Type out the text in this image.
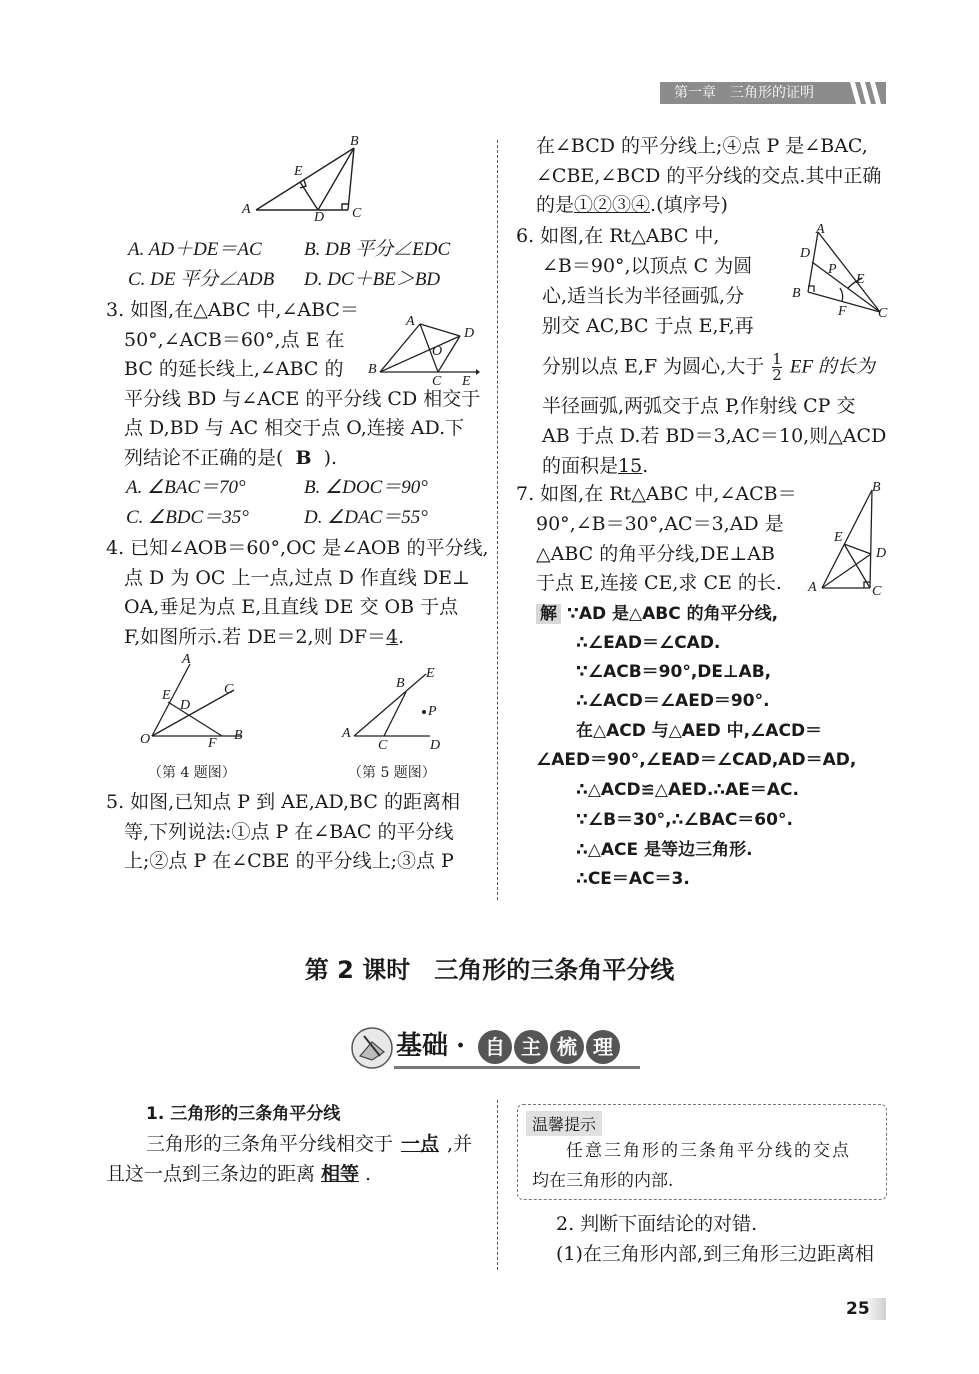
第一章　三角形的证明
A
B
C
D
E
A. AD＋DE＝AC B. DB 平分∠EDC
C. DE 平分∠ADB D. DC＋BE＞BD
3. 如图,在△ABC 中,∠ABC＝
50°,∠ACB＝60°,点 E 在
BC 的延长线上,∠ABC 的
平分线 BD 与∠ACE 的平分线 CD 相交于
点 D,BD 与 AC 相交于点 O,连接 AD.下
列结论不正确的是( B ).
A
B
C
D
E
O
A. ∠BAC＝70°	B. ∠DOC＝90°
C. ∠BDC＝35°	D. ∠DAC＝55°
4. 已知∠AOB＝60°,OC 是∠AOB 的平分线,
点 D 为 OC 上一点,过点 D 作直线 DE⊥
OA,垂足为点 E,且直线 DE 交 OB 于点
F,如图所示.若 DE＝2,则 DF＝4.
A
C
E
D
O	F
B	A
B
C	D
E
P
（第 4 题图）	（第 5 题图）
5. 如图,已知点 P 到 AE,AD,BC 的距离相
等,下列说法:①点 P 在∠BAC 的平分线
上;②点 P 在∠CBE 的平分线上;③点 P
在∠BCD 的平分线上;④点 P 是∠BAC,
∠CBE,∠BCD 的平分线的交点.其中正确
的是①②③④.(填序号)
6. 如图,在 Rt△ABC 中,
∠B＝90°,以顶点 C 为圆
心,适当长为半径画弧,分
别交 AC,BC 于点 E,F,再
分别以点 E,F 为圆心,大于 $\frac{1}{2}$ EF 的长为
半径画弧,两弧交于点 P,作射线 CP 交
AB 于点 D.若 BD＝3,AC＝10,则△ACD
的面积是15.
A
D
P
E
B
F C
7. 如图,在 Rt△ABC 中,∠ACB＝
90°,∠B＝30°,AC＝3,AD 是
△ABC 的角平分线,DE⊥AB
于点 E,连接 CE,求 CE 的长.
B
E
D
A	C
解 ∵AD 是△ABC 的角平分线,
∴∠EAD＝∠CAD.
∵∠ACB＝90°,DE⊥AB,
∴∠ACD＝∠AED＝90°.
在△ACD 与△AED 中,∠ACD＝
∠AED＝90°,∠EAD＝∠CAD,AD＝AD,
∴△ACD≌△AED.∴AE＝AC.
∵∠B＝30°,∴∠BAC＝60°.
∴△ACE 是等边三角形.
∴CE＝AC＝3.
第 2 课时　三角形的三条角平分线
基础 · 自 主 梳 理
1. 三角形的三条角平分线
三角形的三条角平分线相交于 一点 ,并
且这一点到三条边的距离 相等 .
温馨提示
任意三角形的三条角平分线的交点
均在三角形的内部.
2. 判断下面结论的对错.
(1)在三角形内部,到三角形三边距离相
25
